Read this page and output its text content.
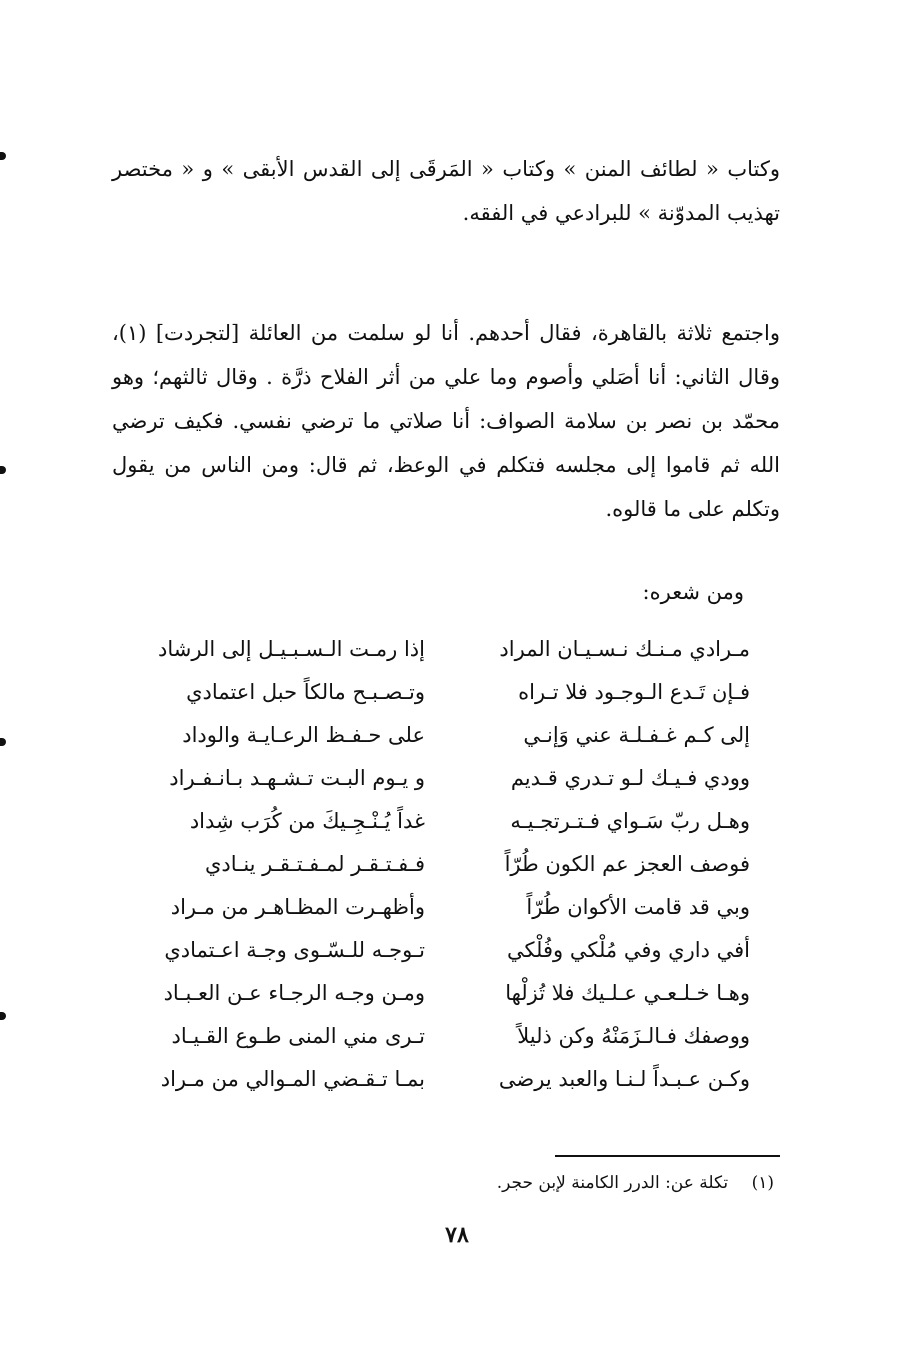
وكتاب « لطائف المنن » وكتاب « المَرقَى إلى القدس الأبقى » و « مختصر تهذيب المدوّنة » للبرادعي في الفقه.

واجتمع ثلاثة بالقاهرة، فقال أحدهم. أنا لو سلمت من العائلة [لتجردت] (١)، وقال الثاني: أنا أصَلي وأصوم وما علي من أثر الفلاح ذرَّة . وقال ثالثهم؛ وهو محمّد بن نصر بن سلامة الصواف: أنا صلاتي ما ترضي نفسي. فكيف ترضي الله ثم قاموا إلى مجلسه فتكلم في الوعظ، ثم قال: ومن الناس من يقول وتكلم على ما قالوه.

ومن شعره:
مـرادي مـنـك نـسـيـان المراد
إذا رمـت الـسـبـيـل إلى الرشاد
فـإن تَـدع الـوجـود فلا تـراه
وتـصـبـح مالكاً حبل اعتمادي
إلى كـم غـفـلـة عني وَإنـي
على حـفـظ الرعـايـة والوداد
وودي فـيـك لـو تـدري قـديم
و يـوم البـت تـشـهـد بـانـفـراد
وهـل ربّ سَـواي فـتـرتجـيـه
غداً يُـنْـجِـيكَ من كُرَب شِداد
فوصف العجز عم الكون طُرّاً
فـفـتـقـر لمـفـتـقـر ينـادي
وبي قد قامت الأكوان طُرّاً
وأظهـرت المظـاهـر من مـراد
أفي داري وفي مُلْكي وفُلْكي
تـوجـه للـسّـوى وجـة اعـتمادي
وهـا خـلـعـي عـلـيك فلا تُزلْها
ومـن وجـه الرجـاء عـن العـبـاد
ووصفك فـالـزَمَنْهُ وكن ذليلاً
تـرى مني المنى طـوع القـيـاد
وكـن عـبـداً لـنـا والعبد يرضى
بمـا تـقـضي المـوالي من مـراد
(١) تكلة عن: الدرر الكامنة لإبن حجر.
٧٨
